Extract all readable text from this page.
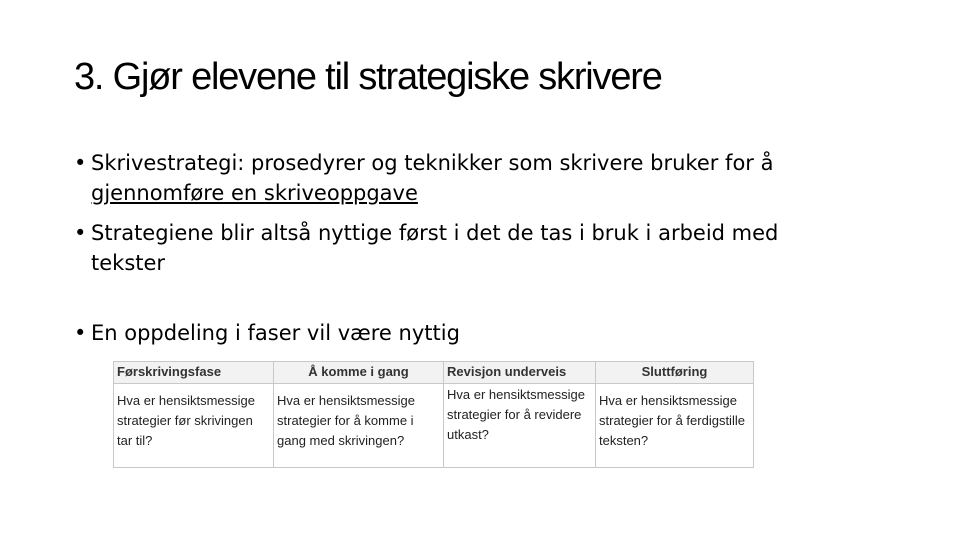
3. Gjør elevene til strategiske skrivere
• Skrivestrategi: prosedyrer og teknikker som skrivere bruker for å gjennomføre en skriveoppgave
• Strategiene blir altså nyttige først i det de tas i bruk i arbeid med tekster
• En oppdeling i faser vil være nyttig
Førskrivingsfase	Å komme i gang	Revisjon underveis	Sluttføring
Hva er hensiktsmessige strategier før skrivingen tar til?	Hva er hensiktsmessige strategier for å komme i gang med skrivingen?	Hva er hensiktsmessige strategier for å revidere utkast?	Hva er hensiktsmessige strategier for å ferdigstille teksten?
